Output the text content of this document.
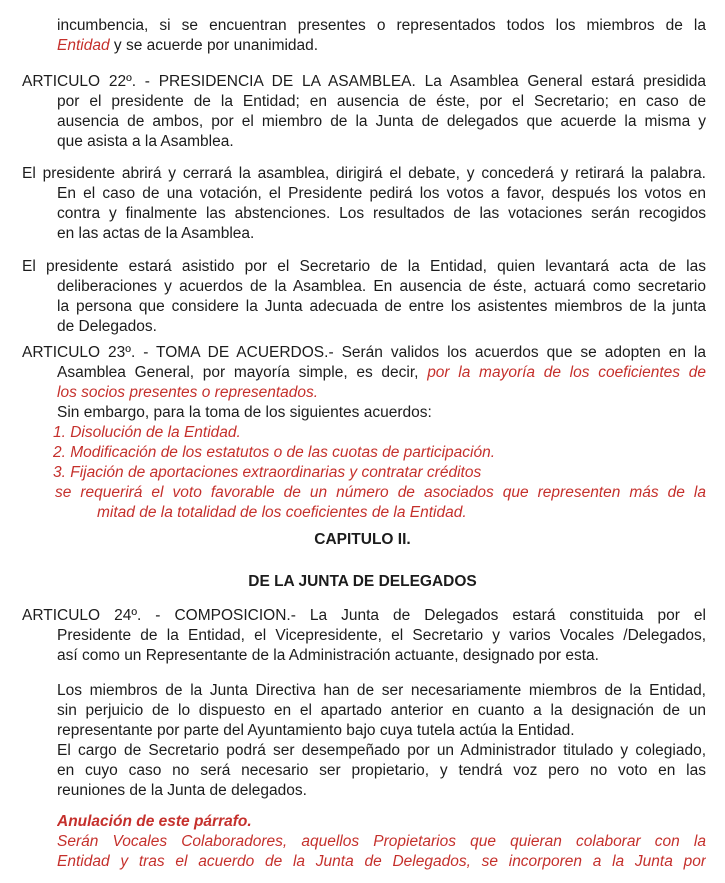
incumbencia, si se encuentran presentes o representados todos los miembros de la
Entidad y se acuerde por unanimidad.
ARTICULO 22º. - PRESIDENCIA DE LA ASAMBLEA. La Asamblea General estará presidida
por el presidente de la Entidad; en ausencia de éste, por el Secretario; en caso de
ausencia de ambos, por el miembro de la Junta de delegados que acuerde la misma y
que asista a la Asamblea.
El presidente abrirá y cerrará la asamblea, dirigirá el debate, y concederá y retirará la palabra.
En el caso de una votación, el Presidente pedirá los votos a favor, después los votos en
contra y finalmente las abstenciones. Los resultados de las votaciones serán recogidos
en las actas de la Asamblea.
El presidente estará asistido por el Secretario de la Entidad, quien levantará acta de las
deliberaciones y acuerdos de la Asamblea. En ausencia de éste, actuará como secretario
la persona que considere la Junta adecuada de entre los asistentes miembros de la junta
de Delegados.
ARTICULO 23º. - TOMA DE ACUERDOS.- Serán validos los acuerdos que se adopten en la
Asamblea General, por mayoría simple, es decir, por la mayoría de los coeficientes de
los socios presentes o representados.
Sin embargo, para la toma de los siguientes acuerdos:
1. Disolución de la Entidad.
2. Modificación de los estatutos o de las cuotas de participación.
3. Fijación de aportaciones extraordinarias y contratar créditos
se requerirá el voto favorable de un número de asociados que representen más de la
mitad de la totalidad de los coeficientes de la Entidad.
CAPITULO II.
DE LA JUNTA DE DELEGADOS
ARTICULO 24º. - COMPOSICION.- La Junta de Delegados estará constituida por el
Presidente de la Entidad, el Vicepresidente, el Secretario y varios Vocales /Delegados,
así como un Representante de la Administración actuante, designado por esta.
Los miembros de la Junta Directiva han de ser necesariamente miembros de la Entidad,
sin perjuicio de lo dispuesto en el apartado anterior en cuanto a la designación de un
representante por parte del Ayuntamiento bajo cuya tutela actúa la Entidad.
El cargo de Secretario podrá ser desempeñado por un Administrador titulado y colegiado,
en cuyo caso no será necesario ser propietario, y tendrá voz pero no voto en las
reuniones de la Junta de delegados.
Anulación de este párrafo.
Serán Vocales Colaboradores, aquellos Propietarios que quieran colaborar con la
Entidad y tras el acuerdo de la Junta de Delegados, se incorporen a la Junta por
